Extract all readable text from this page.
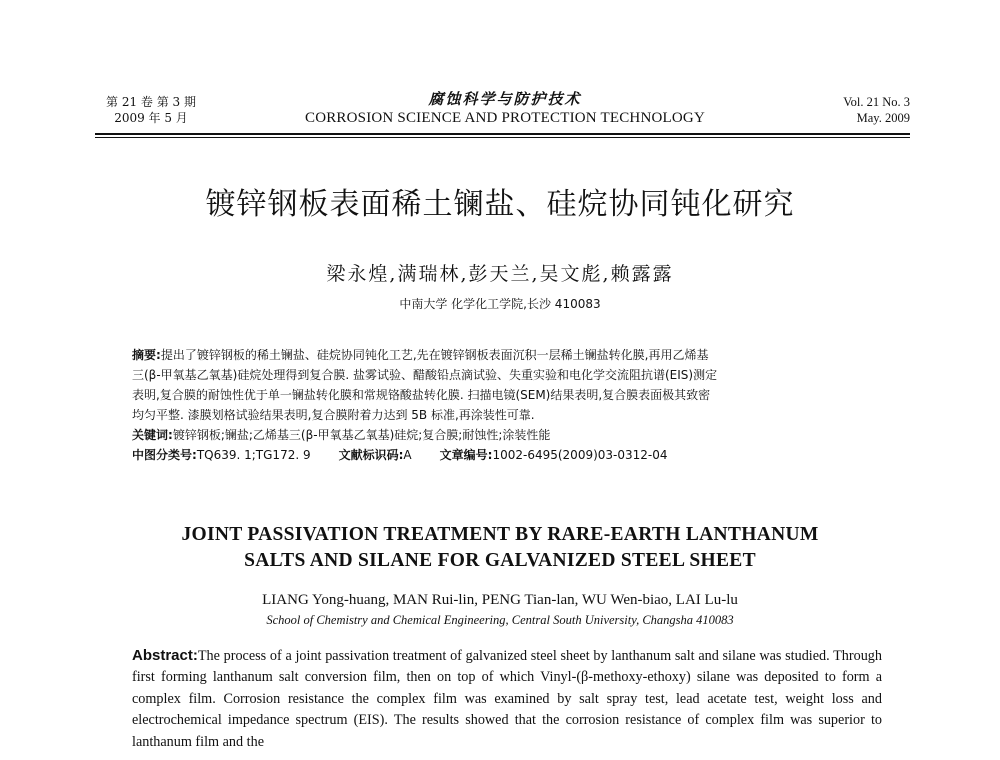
第 21 卷 第 3 期
2009 年 5 月
腐蚀科学与防护技术
CORROSION SCIENCE AND PROTECTION TECHNOLOGY
Vol. 21 No. 3
May. 2009
镀锌钢板表面稀土镧盐、硅烷协同钝化研究
梁永煌,满瑞林,彭天兰,吴文彪,赖露露
中南大学 化学化工学院,长沙 410083

摘要:提出了镀锌钢板的稀土镧盐、硅烷协同钝化工艺,先在镀锌钢板表面沉积一层稀土镧盐转化膜,再用乙烯基

三(β-甲氧基乙氧基)硅烷处理得到复合膜. 盐雾试验、醋酸铅点滴试验、失重实验和电化学交流阻抗谱(EIS)测定

表明,复合膜的耐蚀性优于单一镧盐转化膜和常规铬酸盐转化膜. 扫描电镜(SEM)结果表明,复合膜表面极其致密

均匀平整. 漆膜划格试验结果表明,复合膜附着力达到 5B 标准,再涂装性可靠.

关键词:镀锌钢板;镧盐;乙烯基三(β-甲氧基乙氧基)硅烷;复合膜;耐蚀性;涂装性能

中图分类号:TQ639. 1;TG172. 9 文献标识码:A 文章编号:1002-6495(2009)03-0312-04

JOINT PASSIVATION TREATMENT BY RARE-EARTH LANTHANUM
SALTS AND SILANE FOR GALVANIZED STEEL SHEET
LIANG Yong-huang, MAN Rui-lin, PENG Tian-lan, WU Wen-biao, LAI Lu-lu
School of Chemistry and Chemical Engineering, Central South University, Changsha 410083
Abstract:The process of a joint passivation treatment of galvanized steel sheet by lanthanum salt and silane was studied. Through first forming lanthanum salt conversion film, then on top of which Vinyl-(β-methoxy-ethoxy) silane was deposited to form a complex film. Corrosion resistance the complex film was examined by salt spray test, lead acetate test, weight loss and electrochemical impedance spectrum (EIS). The results showed that the corrosion resistance of complex film was superior to lanthanum film and the
